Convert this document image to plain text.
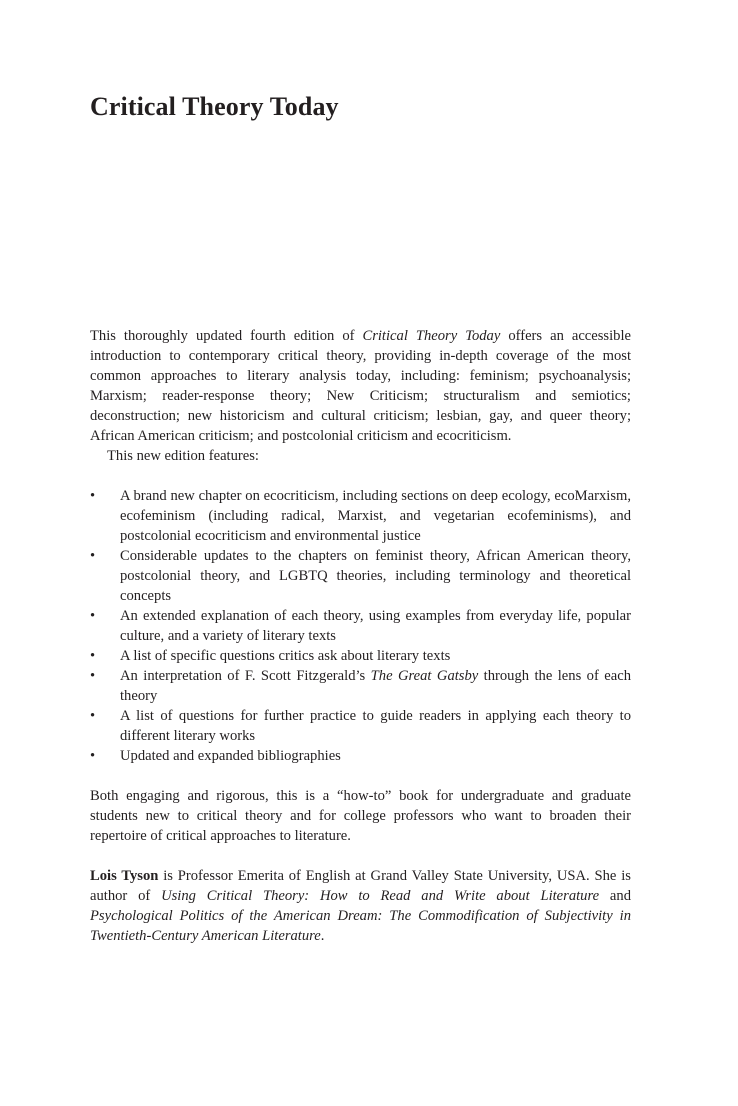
Critical Theory Today

This thoroughly updated fourth edition of Critical Theory Today offers an accessible introduction to contemporary critical theory, providing in-depth coverage of the most common approaches to literary analysis today, including: feminism; psychoanalysis; Marxism; reader-response theory; New Criticism; structuralism and semiotics; deconstruction; new historicism and cultural criticism; lesbian, gay, and queer theory; African American criticism; and postcolonial criticism and ecocriticism.

This new edition features:

• A brand new chapter on ecocriticism, including sections on deep ecology, ecoMarxism, ecofeminism (including radical, Marxist, and vegetarian ecofeminisms), and postcolonial ecocriticism and environmental justice
• Considerable updates to the chapters on feminist theory, African American theory, postcolonial theory, and LGBTQ theories, including terminology and theoretical concepts
• An extended explanation of each theory, using examples from everyday life, popular culture, and a variety of literary texts
• A list of specific questions critics ask about literary texts
• An interpretation of F. Scott Fitzgerald’s The Great Gatsby through the lens of each theory
• A list of questions for further practice to guide readers in applying each theory to different literary works
• Updated and expanded bibliographies

Both engaging and rigorous, this is a “how-to” book for undergraduate and graduate students new to critical theory and for college professors who want to broaden their repertoire of critical approaches to literature.

Lois Tyson is Professor Emerita of English at Grand Valley State University, USA. She is author of Using Critical Theory: How to Read and Write about Literature and Psychological Politics of the American Dream: The Commodification of Subjectivity in Twentieth-Century American Literature.
